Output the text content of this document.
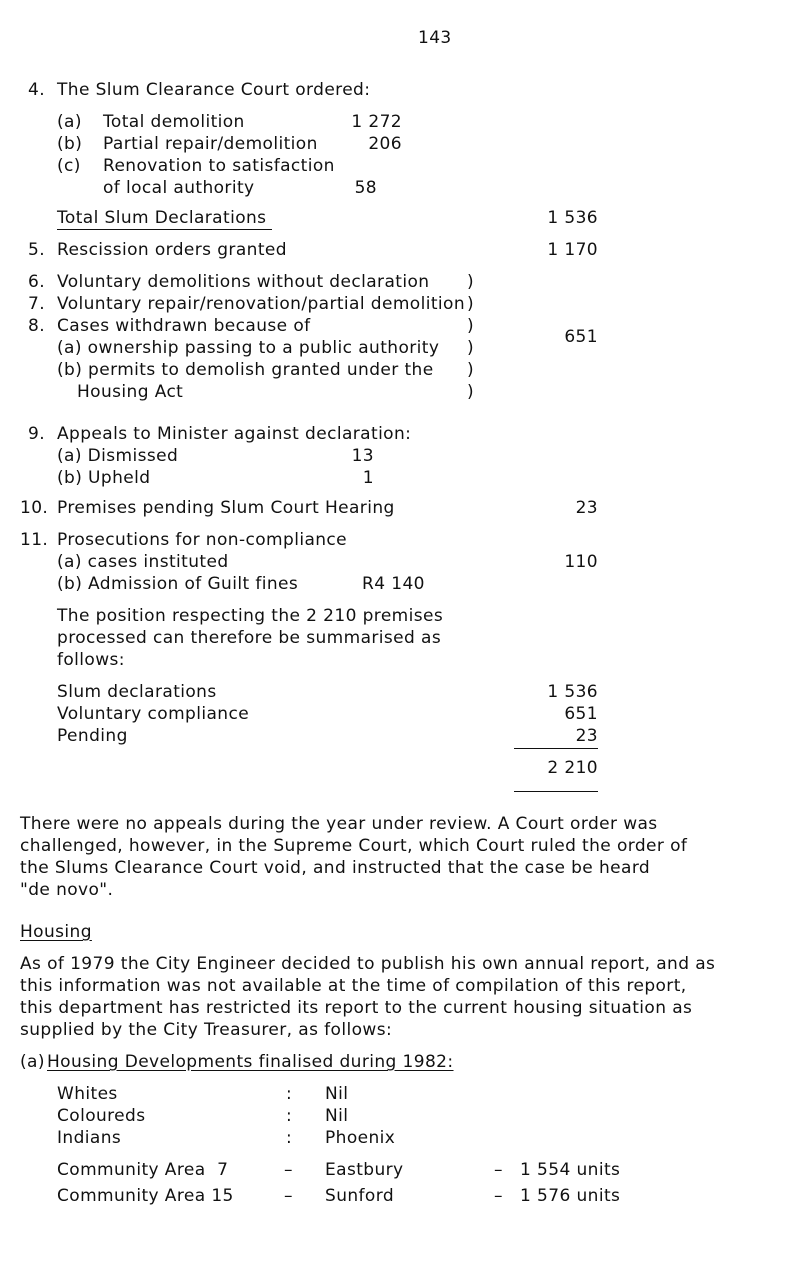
143
4. The Slum Clearance Court ordered:
(a) Total demolition	1 272
(b) Partial repair/demolition	206
(c) Renovation to satisfaction
of local authority	58
Total Slum Declarations	1 536
5. Rescission orders granted	1 170
6. Voluntary demolitions without declaration
7. Voluntary repair/renovation/partial demolition
8. Cases withdrawn because of
(a) ownership passing to a public authority
(b) permits to demolish granted under the
Housing Act
)
)
)
)
)
)
651
9. Appeals to Minister against declaration:
(a) Dismissed	13
(b) Upheld	1
10. Premises pending Slum Court Hearing	23
11. Prosecutions for non-compliance
(a) cases instituted	110
(b) Admission of Guilt fines	R4 140
The position respecting the 2 210 premises
processed can therefore be summarised as
follows:
Slum declarations	1 536
Voluntary compliance	651
Pending	23
2 210
There were no appeals during the year under review. A Court order was
challenged, however, in the Supreme Court, which Court ruled the order of
the Slums Clearance Court void, and instructed that the case be heard
"de novo".
Housing
As of 1979 the City Engineer decided to publish his own annual report, and as
this information was not available at the time of compilation of this report,
this department has restricted its report to the current housing situation as
supplied by the City Treasurer, as follows:
(a) Housing Developments finalised during 1982:
Whites	: Nil
Coloureds	: Nil
Indians	: Phoenix
Community Area  7	– Eastbury	– 1 554 units
Community Area 15	– Sunford	– 1 576 units
